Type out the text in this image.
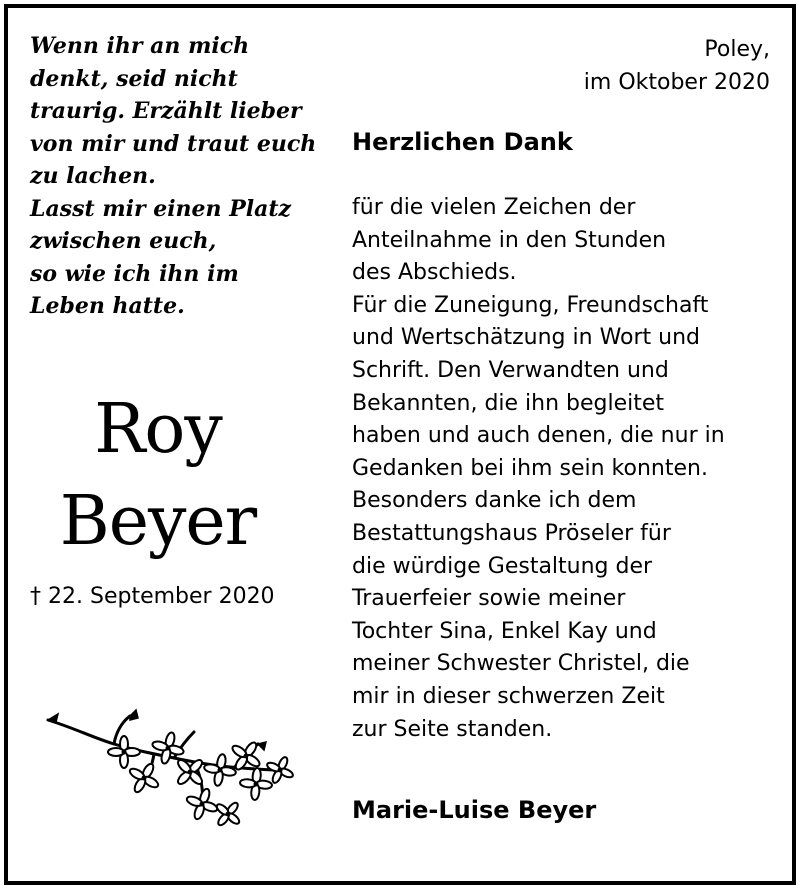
Wenn ihr an mich
denkt, seid nicht
traurig. Erzählt lieber
von mir und traut euch
zu lachen.
Lasst mir einen Platz
zwischen euch,
so wie ich ihn im
Leben hatte.
Roy
Beyer
† 22. September 2020
Poley,
im Oktober 2020
Herzlichen Dank
für die vielen Zeichen der
Anteilnahme in den Stunden
des Abschieds.
Für die Zuneigung, Freundschaft
und Wertschätzung in Wort und
Schrift. Den Verwandten und
Bekannten, die ihn begleitet
haben und auch denen, die nur in
Gedanken bei ihm sein konnten.
Besonders danke ich dem
Bestattungshaus Pröseler für
die würdige Gestaltung der
Trauerfeier sowie meiner
Tochter Sina, Enkel Kay und
meiner Schwester Christel, die
mir in dieser schwerzen Zeit
zur Seite standen.
Marie-Luise Beyer
